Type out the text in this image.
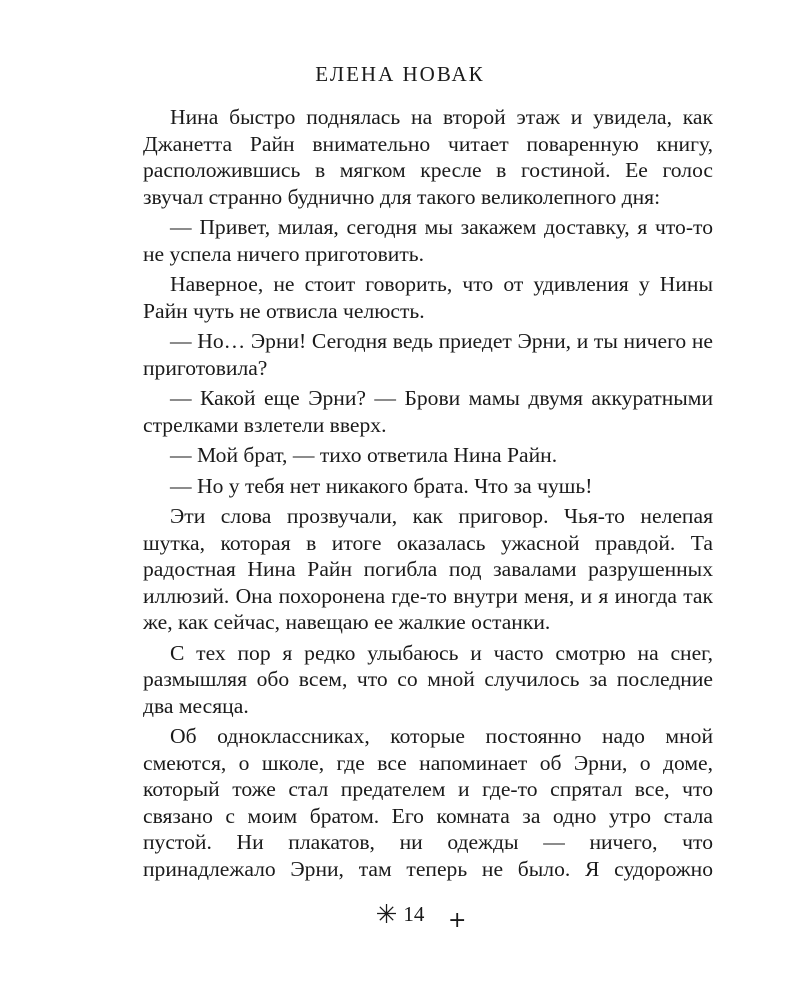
ЕЛЕНА НОВАК

Нина быстро поднялась на второй этаж и увидела, как Джанетта Райн внимательно читает поваренную книгу, расположившись в мягком кресле в гостиной. Ее голос звучал странно буднично для такого великолепного дня:

— Привет, милая, сегодня мы закажем доставку, я что-то не успела ничего приготовить.

Наверное, не стоит говорить, что от удивления у Нины Райн чуть не отвисла челюсть.

— Но… Эрни! Сегодня ведь приедет Эрни, и ты ничего не приготовила?

— Какой еще Эрни? — Брови мамы двумя аккуратными стрелками взлетели вверх.

— Мой брат, — тихо ответила Нина Райн.

— Но у тебя нет никакого брата. Что за чушь!

Эти слова прозвучали, как приговор. Чья-то нелепая шутка, которая в итоге оказалась ужасной правдой. Та радостная Нина Райн погибла под завалами разрушенных иллюзий. Она похоронена где-то внутри меня, и я иногда так же, как сейчас, навещаю ее жалкие останки.

С тех пор я редко улыбаюсь и часто смотрю на снег, размышляя обо всем, что со мной случилось за последние два месяца.

Об одноклассниках, которые постоянно надо мной смеются, о школе, где все напоминает об Эрни, о доме, который тоже стал предателем и где-то спрятал все, что связано с моим братом. Его комната за одно утро стала пустой. Ни плакатов, ни одежды — ничего, что принадлежало Эрни, там теперь не было. Я судорожно

✳ 14	+
